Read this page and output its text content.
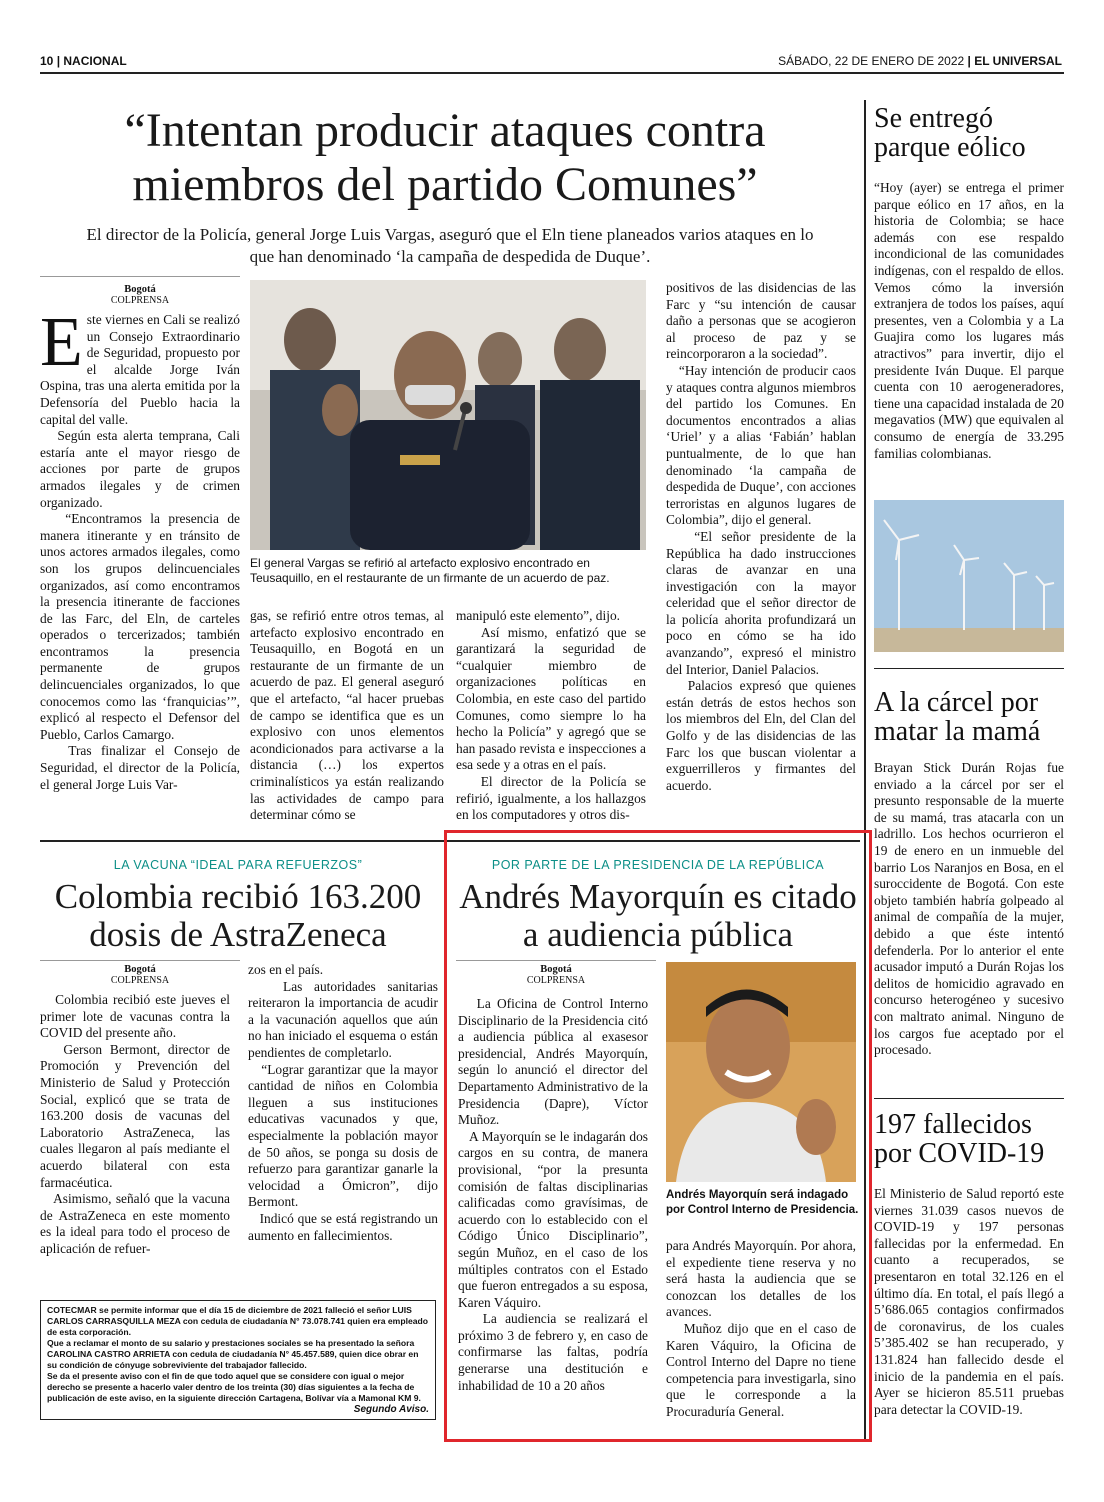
10 | NACIONAL	SÁBADO, 22 DE ENERO DE 2022 | EL UNIVERSAL
“Intentan producir ataques contra miembros del partido Comunes”
El director de la Policía, general Jorge Luis Vargas, aseguró que el Eln tiene planeados varios ataques en lo que han denominado ‘la campaña de despedida de Duque’.
Bogotá
COLPRENSA
Este viernes en Cali se realizó un Consejo Extraordinario de Seguridad, propuesto por el alcalde Jorge Iván Ospina, tras una alerta emitida por la Defensoría del Pueblo hacia la capital del valle.
Según esta alerta temprana, Cali estaría ante el mayor riesgo de acciones por parte de grupos armados ilegales y de crimen organizado.
“Encontramos la presencia de manera itinerante y en tránsito de unos actores armados ilegales, como son los grupos delincuenciales organizados, así como encontramos la presencia itinerante de facciones de las Farc, del Eln, de carteles operados o tercerizados; también encontramos la presencia permanente de grupos delincuenciales organizados, lo que conocemos como las ‘franquicias’”, explicó al respecto el Defensor del Pueblo, Carlos Camargo.
Tras finalizar el Consejo de Seguridad, el director de la Policía, el general Jorge Luis Var-
El general Vargas se refirió al artefacto explosivo encontrado en Teusaquillo, en el restaurante de un firmante de un acuerdo de paz.
gas, se refirió entre otros temas, al artefacto explosivo encontrado en Teusaquillo, en Bogotá en un restaurante de un firmante de un acuerdo de paz. El general aseguró que el artefacto, “al hacer pruebas de campo se identifica que es un explosivo con unos elementos acondicionados para activarse a la distancia (…) los expertos criminalísticos ya están realizando las actividades de campo para determinar cómo se
manipuló este elemento”, dijo.
Así mismo, enfatizó que se garantizará la seguridad de “cualquier miembro de organizaciones políticas en Colombia, en este caso del partido Comunes, como siempre lo ha hecho la Policía” y agregó que se han pasado revista e inspecciones a esa sede y a otras en el país.
El director de la Policía se refirió, igualmente, a los hallazgos en los computadores y otros dis-
positivos de las disidencias de las Farc y “su intención de causar daño a personas que se acogieron al proceso de paz y se reincorporaron a la sociedad”.
“Hay intención de producir caos y ataques contra algunos miembros del partido los Comunes. En documentos encontrados a alias ‘Uriel’ y a alias ‘Fabián’ hablan puntualmente, de lo que han denominado ‘la campaña de despedida de Duque’, con acciones terroristas en algunos lugares de Colombia”, dijo el general.
“El señor presidente de la República ha dado instrucciones claras de avanzar en una investigación con la mayor celeridad que el señor director de la policía ahorita profundizará un poco en cómo se ha ido avanzando”, expresó el ministro del Interior, Daniel Palacios.
Palacios expresó que quienes están detrás de estos hechos son los miembros del Eln, del Clan del Golfo y de las disidencias de las Farc los que buscan violentar a exguerrilleros y firmantes del acuerdo.
Se entregó parque eólico
“Hoy (ayer) se entrega el primer parque eólico en 17 años, en la historia de Colombia; se hace además con ese respaldo incondicional de las comunidades indígenas, con el respaldo de ellos. Vemos cómo la inversión extranjera de todos los países, aquí presentes, ven a Colombia y a La Guajira como los lugares más atractivos” para invertir, dijo el presidente Iván Duque. El parque cuenta con 10 aerogeneradores, tiene una capacidad instalada de 20 megavatios (MW) que equivalen al consumo de energía de 33.295 familias colombianas.
A la cárcel por matar la mamá
Brayan Stick Durán Rojas fue enviado a la cárcel por ser el presunto responsable de la muerte de su mamá, tras atacarla con un ladrillo. Los hechos ocurrieron el 19 de enero en un inmueble del barrio Los Naranjos en Bosa, en el suroccidente de Bogotá. Con este objeto también habría golpeado al animal de compañía de la mujer, debido a que éste intentó defenderla. Por lo anterior el ente acusador imputó a Durán Rojas los delitos de homicidio agravado en concurso heterogéneo y sucesivo con maltrato animal. Ninguno de los cargos fue aceptado por el procesado.
197 fallecidos por COVID-19
El Ministerio de Salud reportó este viernes 31.039 casos nuevos de COVID-19 y 197 personas fallecidas por la enfermedad. En cuanto a recuperados, se presentaron en total 32.126 en el último día. En total, el país llegó a 5’686.065 contagios confirmados de coronavirus, de los cuales 5’385.402 se han recuperado, y 131.824 han fallecido desde el inicio de la pandemia en el país. Ayer se hicieron 85.511 pruebas para detectar la COVID-19.
LA VACUNA “IDEAL PARA REFUERZOS”
Colombia recibió 163.200 dosis de AstraZeneca
Bogotá
COLPRENSA
Colombia recibió este jueves el primer lote de vacunas contra la COVID del presente año.
Gerson Bermont, director de Promoción y Prevención del Ministerio de Salud y Protección Social, explicó que se trata de 163.200 dosis de vacunas del Laboratorio AstraZeneca, las cuales llegaron al país mediante el acuerdo bilateral con esta farmacéutica.
Asimismo, señaló que la vacuna de AstraZeneca en este momento es la ideal para todo el proceso de aplicación de refuer-
zos en el país.
Las autoridades sanitarias reiteraron la importancia de acudir a la vacunación aquellos que aún no han iniciado el esquema o están pendientes de completarlo.
“Lograr garantizar que la mayor cantidad de niños en Colombia lleguen a sus instituciones educativas vacunados y que, especialmente la población mayor de 50 años, se ponga su dosis de refuerzo para garantizar ganarle la velocidad a Ómicron”, dijo Bermont.
Indicó que se está registrando un aumento en fallecimientos.
COTECMAR se permite informar que el día 15 de diciembre de 2021 falleció el señor LUIS CARLOS CARRASQUILLA MEZA con cedula de ciudadanía N° 73.078.741 quien era empleado de esta corporación.
Que a reclamar el monto de su salario y prestaciones sociales se ha presentado la señora CAROLINA CASTRO ARRIETA con cedula de ciudadanía N° 45.457.589, quien dice obrar en su condición de cónyuge sobreviviente del trabajador fallecido.
Se da el presente aviso con el fin de que todo aquel que se considere con igual o mejor derecho se presente a hacerlo valer dentro de los treinta (30) días siguientes a la fecha de publicación de este aviso, en la siguiente dirección Cartagena, Bolívar vía a Mamonal KM 9.
Segundo Aviso.
POR PARTE DE LA PRESIDENCIA DE LA REPÚBLICA
Andrés Mayorquín es citado a audiencia pública
Bogotá
COLPRENSA
La Oficina de Control Interno Disciplinario de la Presidencia citó a audiencia pública al exasesor presidencial, Andrés Mayorquín, según lo anunció el director del Departamento Administrativo de la Presidencia (Dapre), Víctor Muñoz.
A Mayorquín se le indagarán dos cargos en su contra, de manera provisional, “por la presunta comisión de faltas disciplinarias calificadas como gravísimas, de acuerdo con lo establecido con el Código Único Disciplinario”, según Muñoz, en el caso de los múltiples contratos con el Estado que fueron entregados a su esposa, Karen Váquiro.
La audiencia se realizará el próximo 3 de febrero y, en caso de confirmarse las faltas, podría generarse una destitución e inhabilidad de 10 a 20 años
Andrés Mayorquín será indagado por Control Interno de Presidencia.
para Andrés Mayorquín. Por ahora, el expediente tiene reserva y no será hasta la audiencia que se conozcan los detalles de los avances.
Muñoz dijo que en el caso de Karen Váquiro, la Oficina de Control Interno del Dapre no tiene competencia para investigarla, sino que le corresponde a la Procuraduría General.
